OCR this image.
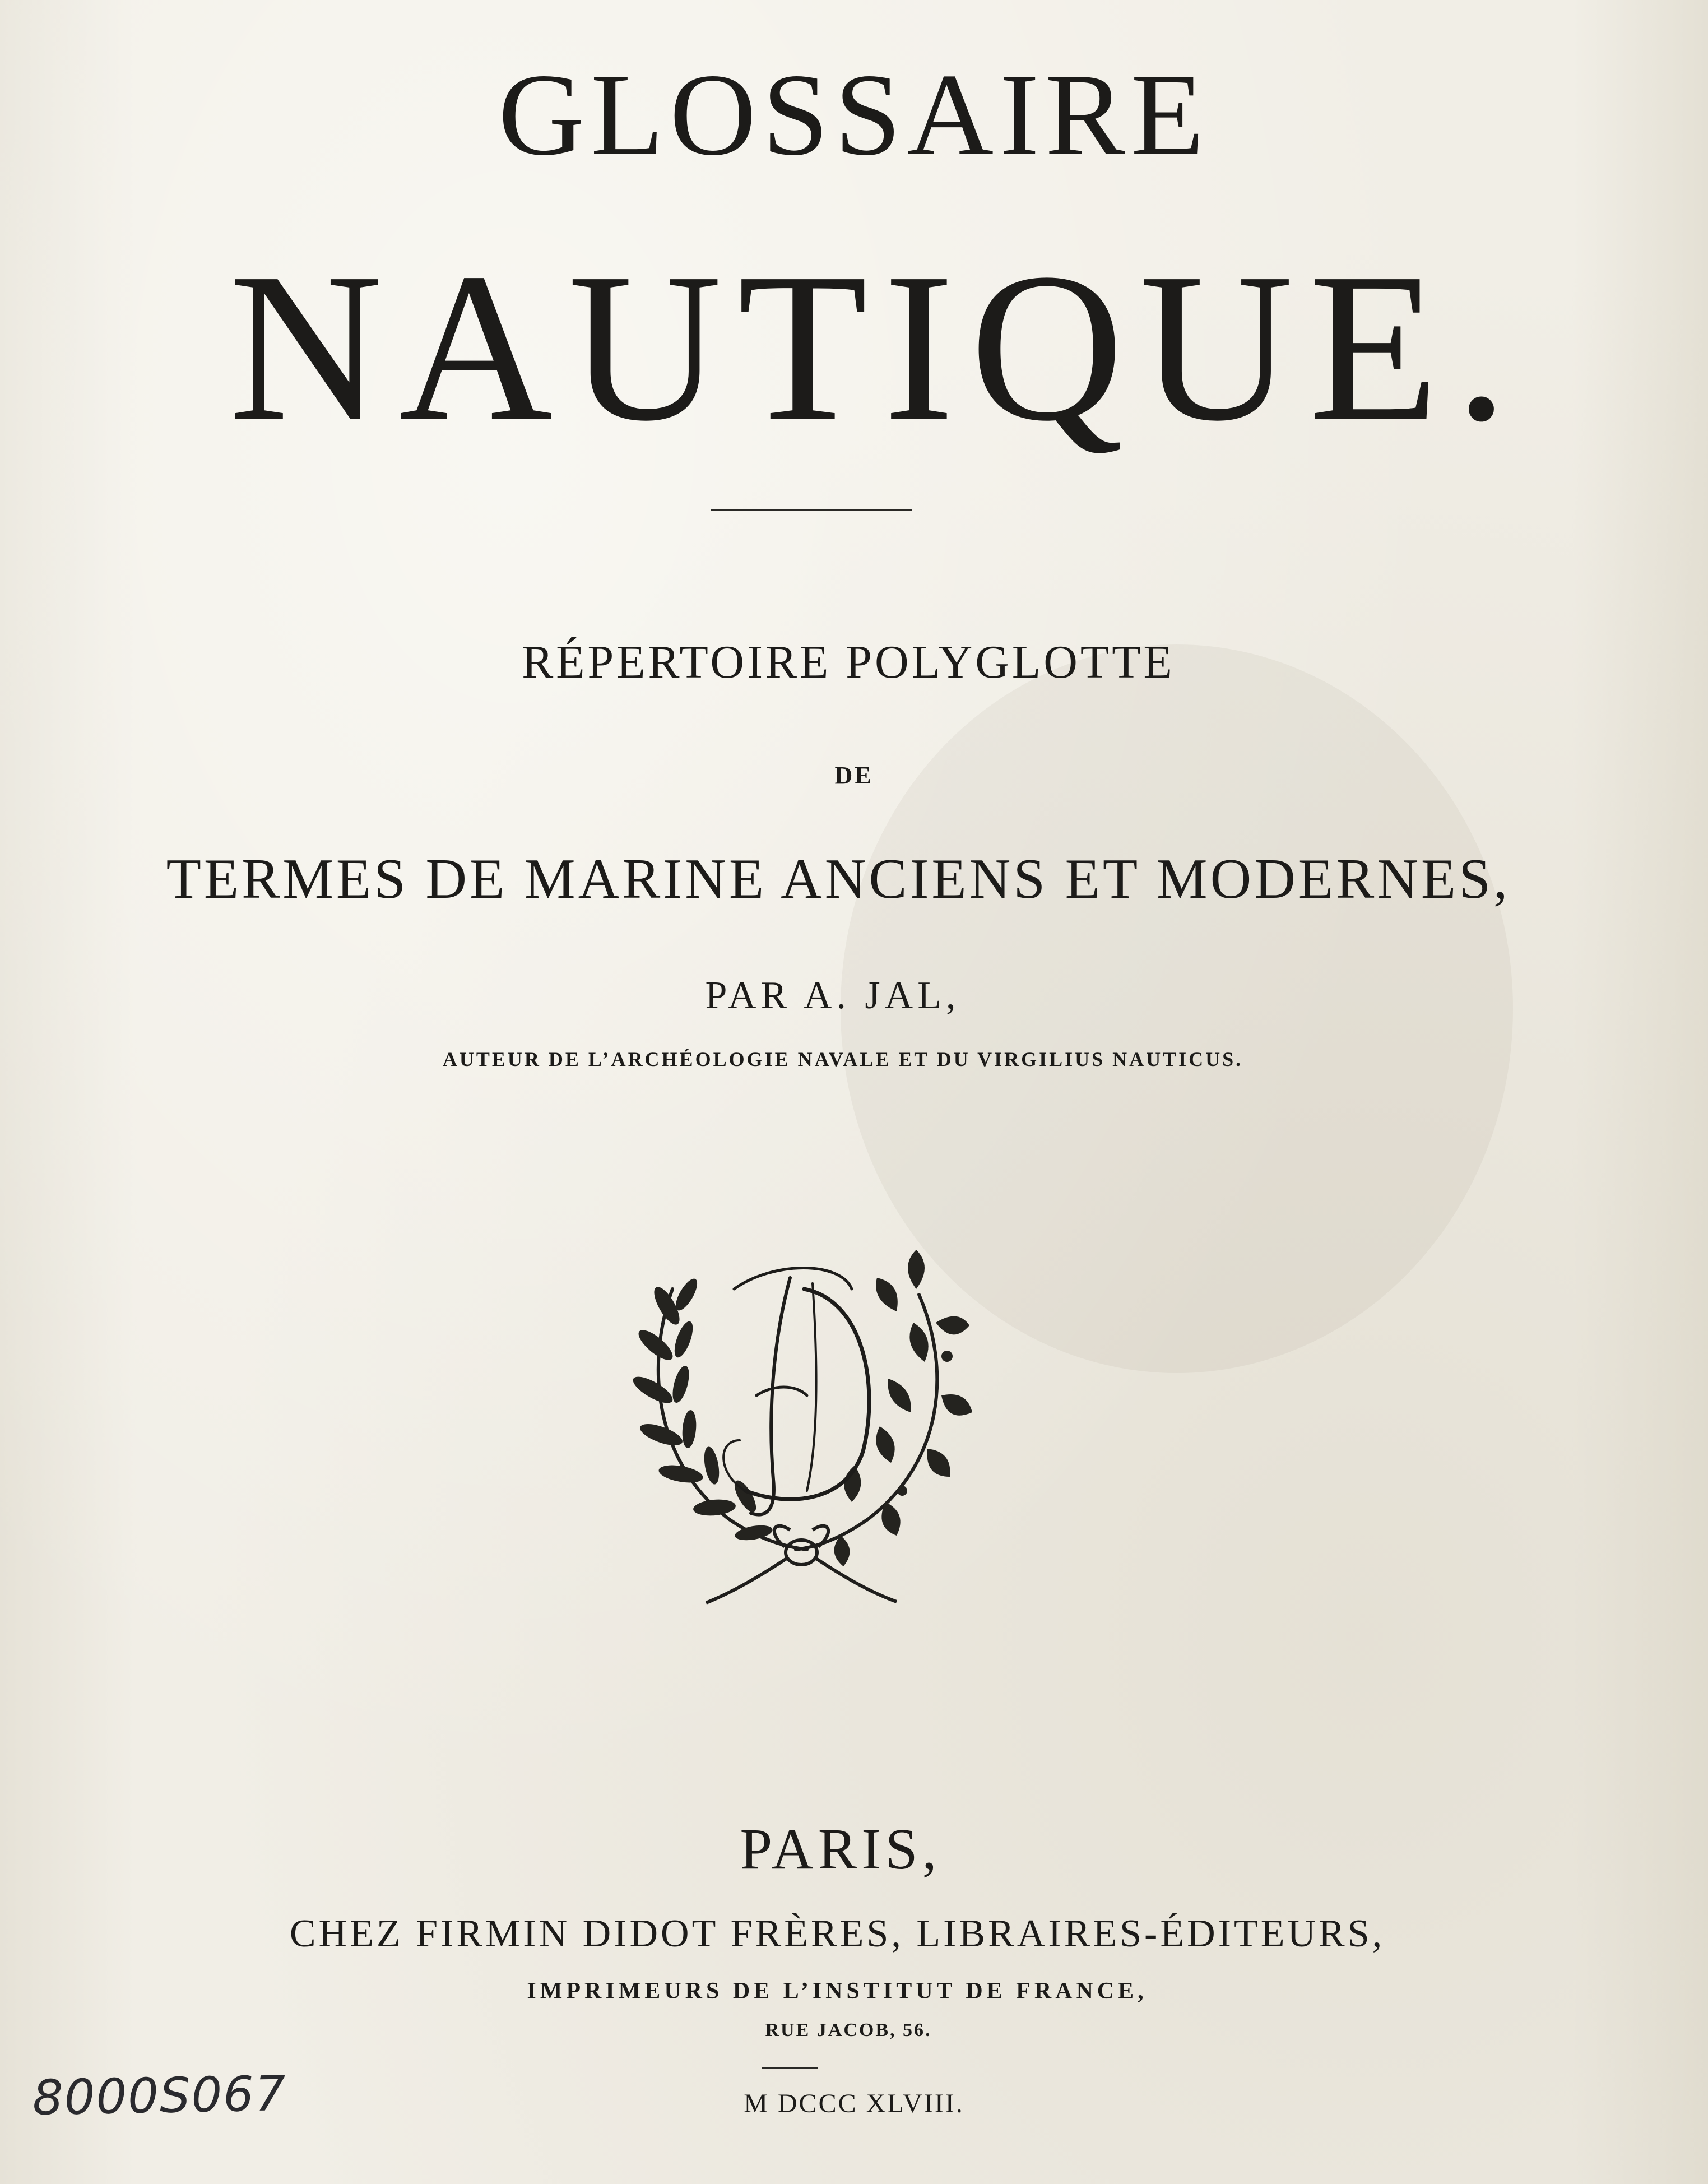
GLOSSAIRE
NAUTIQUE.

RÉPERTOIRE POLYGLOTTE

DE

TERMES DE MARINE ANCIENS ET MODERNES,

PAR A. JAL,

AUTEUR DE L’ARCHÉOLOGIE NAVALE ET DU VIRGILIUS NAUTICUS.

PARIS,

CHEZ FIRMIN DIDOT FRÈRES, LIBRAIRES-ÉDITEURS,

IMPRIMEURS DE L’INSTITUT DE FRANCE,

RUE JACOB, 56.

M DCCC XLVIII.

8000S067
